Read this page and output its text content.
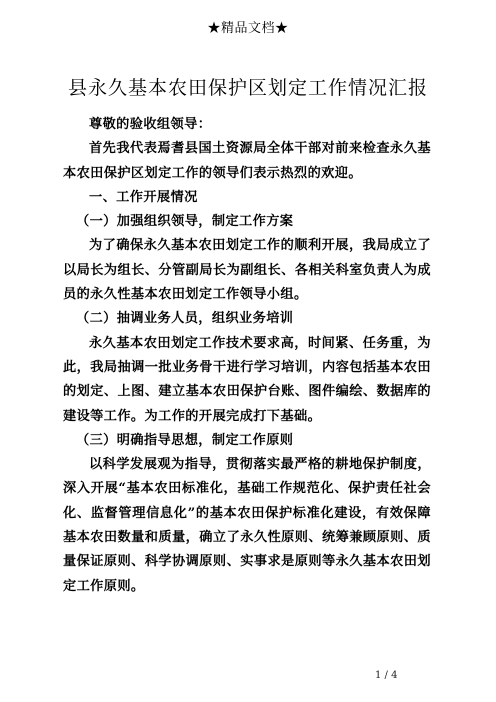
★精品文档★
县永久基本农田保护区划定工作情况汇报

尊敬的验收组领导：

首先我代表焉耆县国土资源局全体干部对前来检查永久基本农田保护区划定工作的领导们表示热烈的欢迎。

一、工作开展情况

（一）加强组织领导，制定工作方案

为了确保永久基本农田划定工作的顺利开展，我局成立了以局长为组长、分管副局长为副组长、各相关科室负责人为成员的永久性基本农田划定工作领导小组。

（二）抽调业务人员，组织业务培训

永久基本农田划定工作技术要求高，时间紧、任务重，为此，我局抽调一批业务骨干进行学习培训，内容包括基本农田的划定、上图、建立基本农田保护台账、图件编绘、数据库的建设等工作。为工作的开展完成打下基础。

（三）明确指导思想，制定工作原则

以科学发展观为指导，贯彻落实最严格的耕地保护制度，深入开展“基本农田标准化，基础工作规范化、保护责任社会化、监督管理信息化”的基本农田保护标准化建设，有效保障基本农田数量和质量，确立了永久性原则、统筹兼顾原则、质量保证原则、科学协调原则、实事求是原则等永久基本农田划定工作原则。

1 / 4
